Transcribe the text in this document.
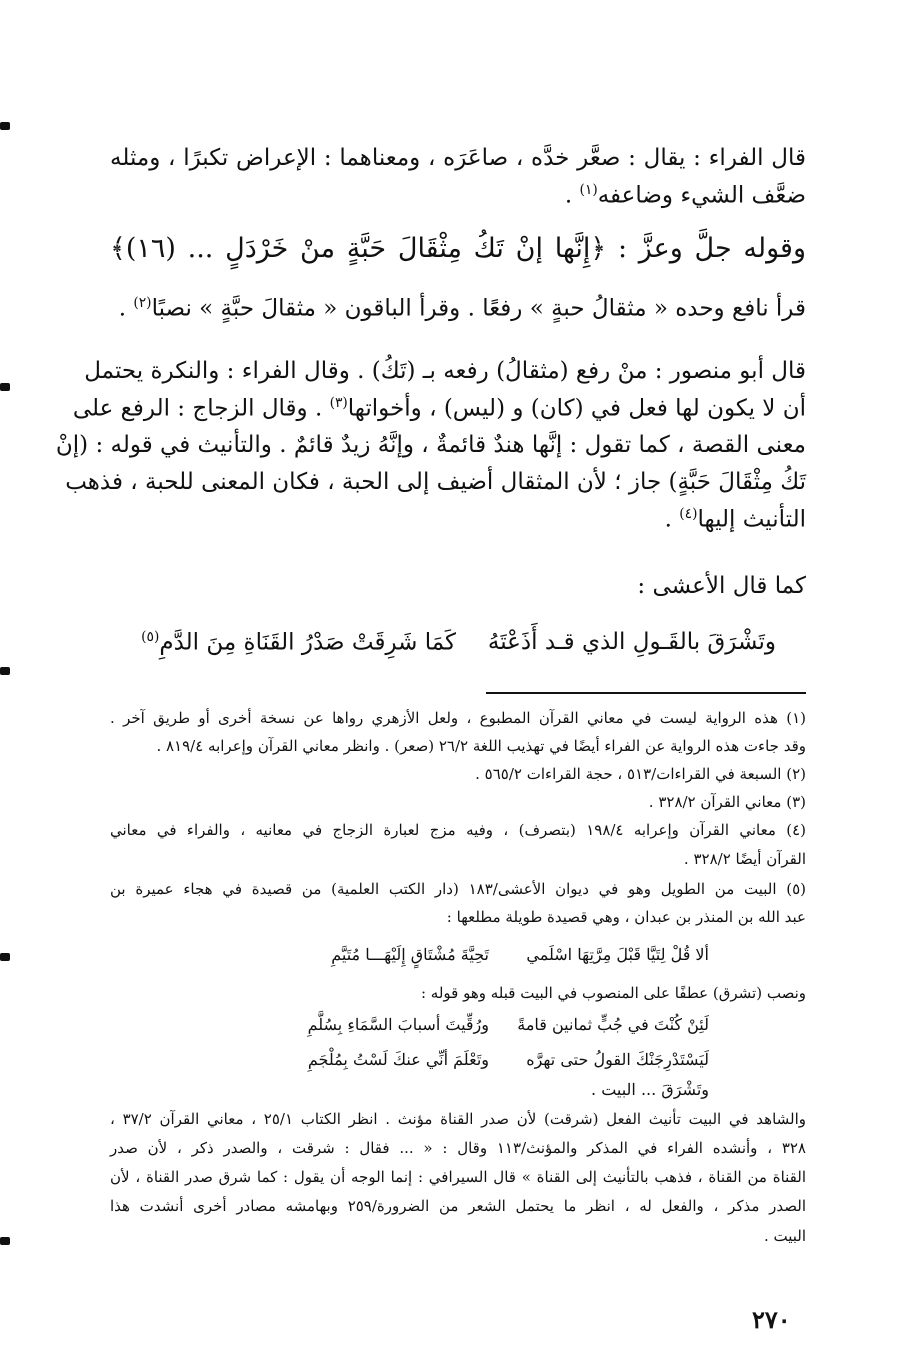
قال الفراء : يقال : صعَّر خدَّه ، صاعَرَه ، ومعناهما : الإعراض تكبرًا ، ومثله
ضعَّف الشيء وضاعفه$^{(١)}$ .
وقوله جلَّ وعزَّ : ﴿إِنَّها إنْ تَكُ مِثْقَالَ حَبَّةٍ منْ خَرْدَلٍ ... (١٦)﴾
قرأ نافع وحده « مثقالُ حبةٍ » رفعًا . وقرأ الباقون « مثقالَ حبَّةٍ » نصبًا$^{(٢)}$ .
قال أبو منصور : منْ رفع (مثقالُ) رفعه بـ (تَكُ) . وقال الفراء : والنكرة يحتمل
أن لا يكون لها فعل في (كان) و (ليس) ، وأخواتها$^{(٣)}$ . وقال الزجاج : الرفع على
معنى القصة ، كما تقول : إنَّها هندٌ قائمةٌ ، وإنَّهُ زيدٌ قائمٌ . والتأنيث في قوله : (إنْ
تَكُ مِثْقَالَ حَبَّةٍ) جاز ؛ لأن المثقال أضيف إلى الحبة ، فكان المعنى للحبة ، فذهب
التأنيث إليها$^{(٤)}$ .
كما قال الأعشى :
وتَشْرَقَ بالقَـولِ الذي قـد أَذَعْتَهُ
كَمَا شَرِقَتْ صَدْرُ القَنَاةِ مِنَ الدَّمِ$^{(٥)}$
(١) هذه الرواية ليست في معاني القرآن المطبوع ، ولعل الأزهري رواها عن نسخة أخرى أو طريق آخر .
وقد جاءت هذه الرواية عن الفراء أيضًا في تهذيب اللغة ٢٦/٢ (صعر) . وانظر معاني القرآن وإعرابه ٨١٩/٤ .
(٢) السبعة في القراءات/٥١٣ ، حجة القراءات ٥٦٥/٢ .
(٣) معاني القرآن ٣٢٨/٢ .
(٤) معاني القرآن وإعرابه ١٩٨/٤ (بتصرف) ، وفيه مزج لعبارة الزجاج في معانيه ، والفراء في معاني
القرآن أيضًا ٣٢٨/٢ .
(٥) البيت من الطويل وهو في ديوان الأعشى/١٨٣ (دار الكتب العلمية) من قصيدة في هجاء عميرة بن
عبد الله بن المنذر بن عبدان ، وهي قصيدة طويلة مطلعها :
ألا قُلْ لِتَيَّا قَبْلَ مِرَّتِهَا اسْلَمي
تَحِيَّةَ مُشْتَاقٍ إِلَيْهَـــا مُتَيَّمِ
ونصب (تشرق) عطفًا على المنصوب في البيت قبله وهو قوله :
لَئِنْ كُنْتَ في جُبٍّ ثمانين قامةً
ورُقِّيتَ أسبابَ السَّمَاءِ بِسُلَّمِ
لَيَسْتَدْرِجَنْكَ القولُ حتى تهرَّه
وتَعْلَمَ أنِّي عنكَ لَسْتُ بِمُلْجَمِ
وتَشْرَقَ ... البيت .
والشاهد في البيت تأنيث الفعل (شرقت) لأن صدر القناة مؤنث . انظر الكتاب ٢٥/١ ، معاني القرآن ٣٧/٢ ،
٣٢٨ ، وأنشده الفراء في المذكر والمؤنث/١١٣ وقال : « ... فقال : شرقت ، والصدر ذكر ، لأن صدر
القناة من القناة ، فذهب بالتأنيث إلى القناة » قال السيرافي : إنما الوجه أن يقول : كما شرق صدر القناة ، لأن
الصدر مذكر ، والفعل له ، انظر ما يحتمل الشعر من الضرورة/٢٥٩ وبهامشه مصادر أخرى أنشدت هذا
البيت .
٢٧٠
